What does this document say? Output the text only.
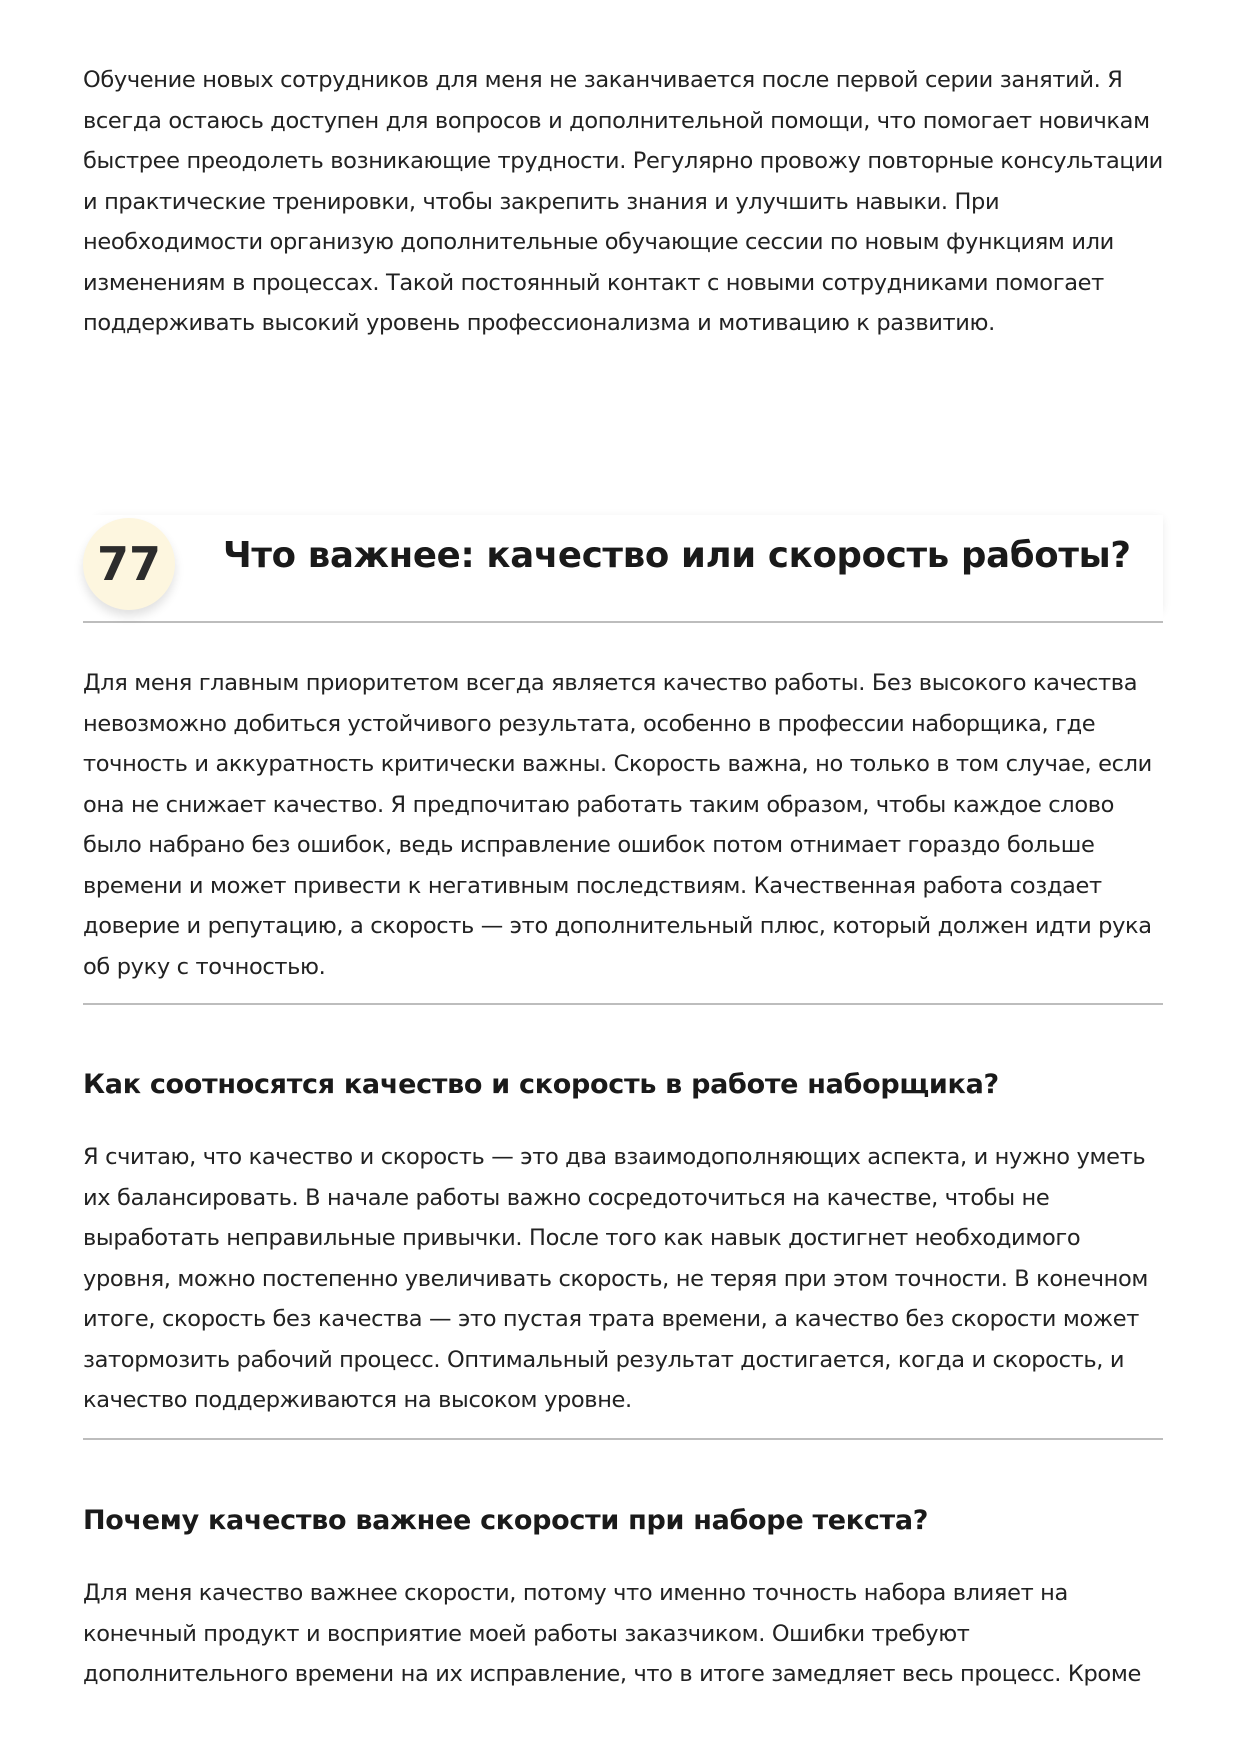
Обучение новых сотрудников для меня не заканчивается после первой серии занятий. Я всегда остаюсь доступен для вопросов и дополнительной помощи, что помогает новичкам быстрее преодолеть возникающие трудности. Регулярно провожу повторные консультации и практические тренировки, чтобы закрепить знания и улучшить навыки. При необходимости организую дополнительные обучающие сессии по новым функциям или изменениям в процессах. Такой постоянный контакт с новыми сотрудниками помогает поддерживать высокий уровень профессионализма и мотивацию к развитию.

77	Что важнее: качество или скорость работы?

Для меня главным приоритетом всегда является качество работы. Без высокого качества невозможно добиться устойчивого результата, особенно в профессии наборщика, где точность и аккуратность критически важны. Скорость важна, но только в том случае, если она не снижает качество. Я предпочитаю работать таким образом, чтобы каждое слово было набрано без ошибок, ведь исправление ошибок потом отнимает гораздо больше времени и может привести к негативным последствиям. Качественная работа создает доверие и репутацию, а скорость — это дополнительный плюс, который должен идти рука об руку с точностью.

Как соотносятся качество и скорость в работе наборщика?

Я считаю, что качество и скорость — это два взаимодополняющих аспекта, и нужно уметь их балансировать. В начале работы важно сосредоточиться на качестве, чтобы не выработать неправильные привычки. После того как навык достигнет необходимого уровня, можно постепенно увеличивать скорость, не теряя при этом точности. В конечном итоге, скорость без качества — это пустая трата времени, а качество без скорости может затормозить рабочий процесс. Оптимальный результат достигается, когда и скорость, и качество поддерживаются на высоком уровне.

Почему качество важнее скорости при наборе текста?

Для меня качество важнее скорости, потому что именно точность набора влияет на конечный продукт и восприятие моей работы заказчиком. Ошибки требуют дополнительного времени на их исправление, что в итоге замедляет весь процесс. Кроме
